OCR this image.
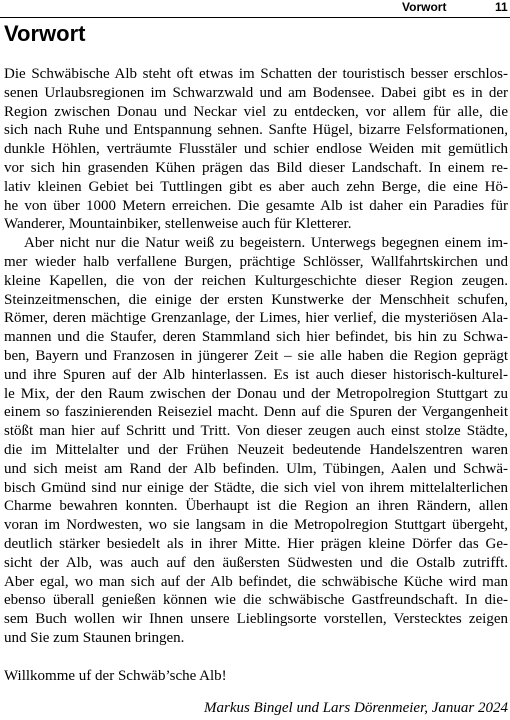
Vorwort	11
Vorwort
Die Schwäbische Alb steht oft etwas im Schatten der touristisch besser erschlos-
senen Urlaubsregionen im Schwarzwald und am Bodensee. Dabei gibt es in der
Region zwischen Donau und Neckar viel zu entdecken, vor allem für alle, die
sich nach Ruhe und Entspannung sehnen. Sanfte Hügel, bizarre Felsformationen,
dunkle Höhlen, verträumte Flusstäler und schier endlose Weiden mit gemütlich
vor sich hin grasenden Kühen prägen das Bild dieser Landschaft. In einem re-
lativ kleinen Gebiet bei Tuttlingen gibt es aber auch zehn Berge, die eine Hö-
he von über 1000 Metern erreichen. Die gesamte Alb ist daher ein Paradies für
Wanderer, Mountainbiker, stellenweise auch für Kletterer.
Aber nicht nur die Natur weiß zu begeistern. Unterwegs begegnen einem im-
mer wieder halb verfallene Burgen, prächtige Schlösser, Wallfahrtskirchen und
kleine Kapellen, die von der reichen Kulturgeschichte dieser Region zeugen.
Steinzeitmenschen, die einige der ersten Kunstwerke der Menschheit schufen,
Römer, deren mächtige Grenzanlage, der Limes, hier verlief, die mysteriösen Ala-
mannen und die Staufer, deren Stammland sich hier befindet, bis hin zu Schwa-
ben, Bayern und Franzosen in jüngerer Zeit – sie alle haben die Region geprägt
und ihre Spuren auf der Alb hinterlassen. Es ist auch dieser historisch-kulturel-
le Mix, der den Raum zwischen der Donau und der Metropolregion Stuttgart zu
einem so faszinierenden Reiseziel macht. Denn auf die Spuren der Vergangenheit
stößt man hier auf Schritt und Tritt. Von dieser zeugen auch einst stolze Städte,
die im Mittelalter und der Frühen Neuzeit bedeutende Handelszentren waren
und sich meist am Rand der Alb befinden. Ulm, Tübingen, Aalen und Schwä-
bisch Gmünd sind nur einige der Städte, die sich viel von ihrem mittelalterlichen
Charme bewahren konnten. Überhaupt ist die Region an ihren Rändern, allen
voran im Nordwesten, wo sie langsam in die Metropolregion Stuttgart übergeht,
deutlich stärker besiedelt als in ihrer Mitte. Hier prägen kleine Dörfer das Ge-
sicht der Alb, was auch auf den äußersten Südwesten und die Ostalb zutrifft.
Aber egal, wo man sich auf der Alb befindet, die schwäbische Küche wird man
ebenso überall genießen können wie die schwäbische Gastfreundschaft. In die-
sem Buch wollen wir Ihnen unsere Lieblingsorte vorstellen, Verstecktes zeigen
und Sie zum Staunen bringen.
Willkomme uf der Schwäb’sche Alb!
Markus Bingel und Lars Dörenmeier, Januar 2024
